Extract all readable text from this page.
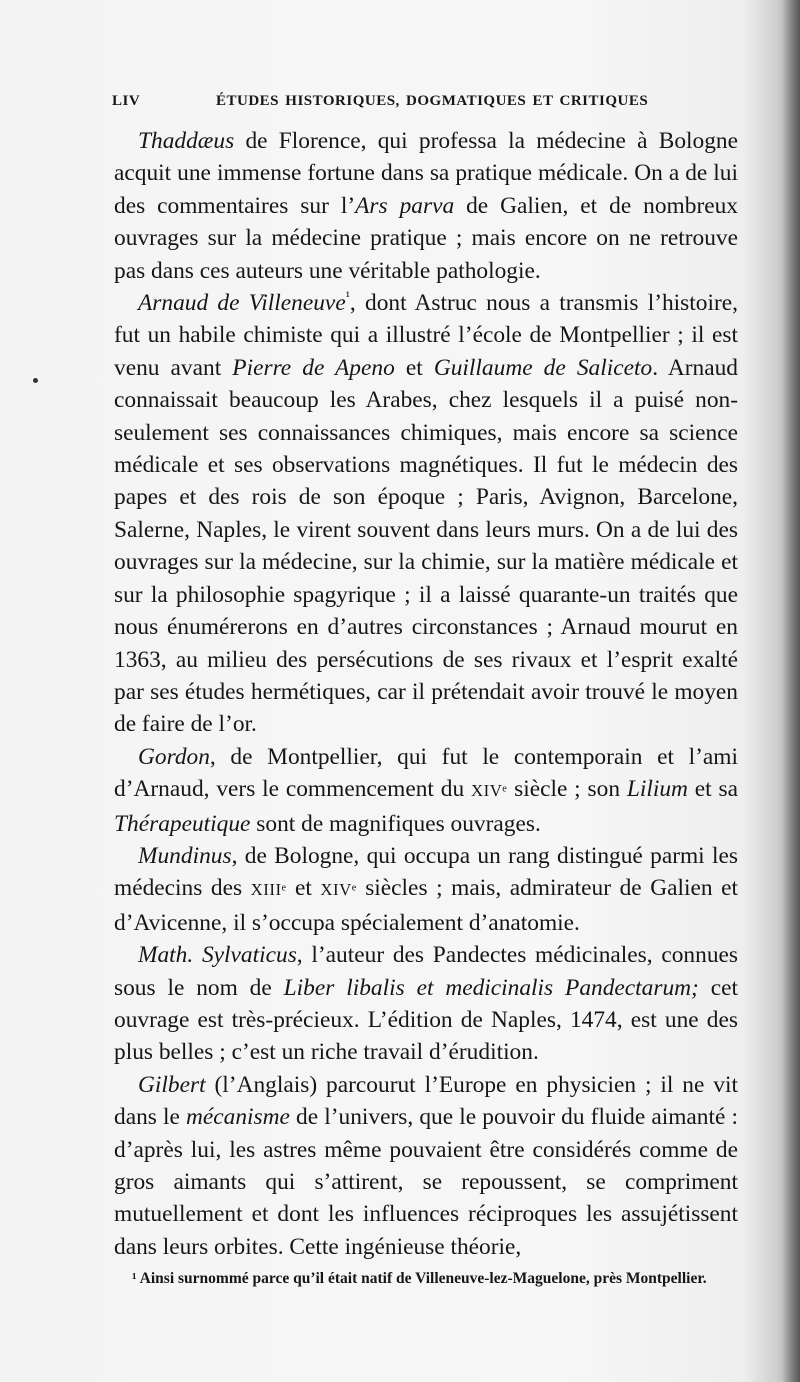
LIV	ÉTUDES HISTORIQUES, DOGMATIQUES ET CRITIQUES

Thaddæus de Florence, qui professa la médecine à Bologne acquit une immense fortune dans sa pratique médicale. On a de lui des commentaires sur l’Ars parva de Galien, et de nombreux ouvrages sur la médecine pratique ; mais encore on ne retrouve pas dans ces auteurs une véritable pathologie.

Arnaud de Villeneuve$^{^1}$, dont Astruc nous a transmis l’histoire, fut un habile chimiste qui a illustré l’école de Montpellier ; il est venu avant Pierre de Apeno et Guillaume de Saliceto. Arnaud connaissait beaucoup les Arabes, chez lesquels il a puisé non-seulement ses connaissances chimiques, mais encore sa science médicale et ses observations magnétiques. Il fut le médecin des papes et des rois de son époque ; Paris, Avignon, Barcelone, Salerne, Naples, le virent souvent dans leurs murs. On a de lui des ouvrages sur la médecine, sur la chimie, sur la matière médicale et sur la philosophie spagyrique ; il a laissé quarante-un traités que nous énumérerons en d’autres circonstances ; Arnaud mourut en 1363, au milieu des persécutions de ses rivaux et l’esprit exalté par ses études hermétiques, car il prétendait avoir trouvé le moyen de faire de l’or.

Gordon, de Montpellier, qui fut le contemporain et l’ami d’Arnaud, vers le commencement du XIVᵉ siècle ; son Lilium et sa Thérapeutique sont de magnifiques ouvrages.

Mundinus, de Bologne, qui occupa un rang distingué parmi les médecins des XIIIᵉ et XIVᵉ siècles ; mais, admirateur de Galien et d’Avicenne, il s’occupa spécialement d’anatomie.

Math. Sylvaticus, l’auteur des Pandectes médicinales, connues sous le nom de Liber libalis et medicinalis Pandectarum; cet ouvrage est très-précieux. L’édition de Naples, 1474, est une des plus belles ; c’est un riche travail d’érudition.

Gilbert (l’Anglais) parcourut l’Europe en physicien ; il ne vit dans le mécanisme de l’univers, que le pouvoir du fluide aimanté : d’après lui, les astres même pouvaient être considérés comme de gros aimants qui s’attirent, se repoussent, se compriment mutuellement et dont les influences réciproques les assujétissent dans leurs orbites. Cette ingénieuse théorie,

¹ Ainsi surnommé parce qu’il était natif de Villeneuve-lez-Maguelone, près Montpellier.
